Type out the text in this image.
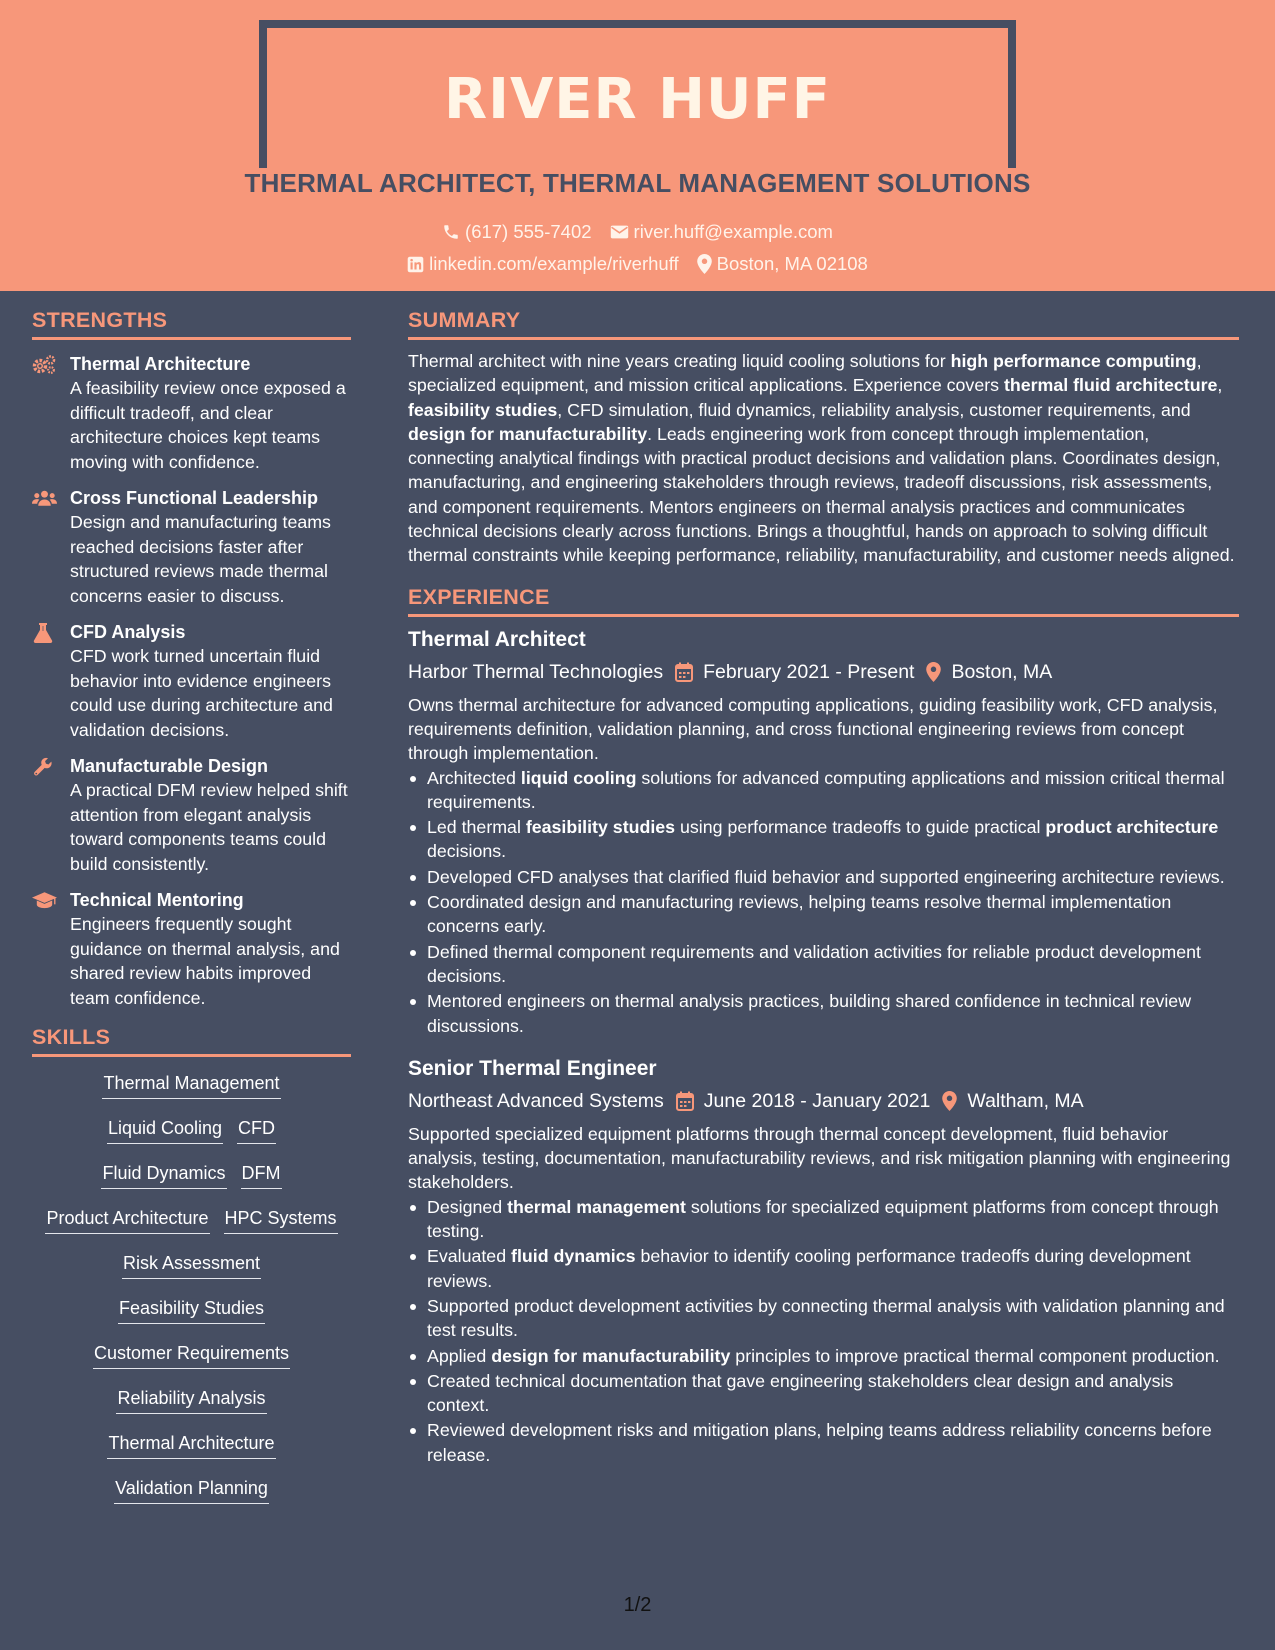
RIVER HUFF
THERMAL ARCHITECT, THERMAL MANAGEMENT SOLUTIONS
(617) 555-7402 river.huff@example.com
linkedin.com/example/riverhuff Boston, MA 02108
STRENGTHS
Thermal Architecture
A feasibility review once exposed a difficult tradeoff, and clear architecture choices kept teams moving with confidence.
Cross Functional Leadership
Design and manufacturing teams reached decisions faster after structured reviews made thermal concerns easier to discuss.
CFD Analysis
CFD work turned uncertain fluid behavior into evidence engineers could use during architecture and validation decisions.
Manufacturable Design
A practical DFM review helped shift attention from elegant analysis toward components teams could build consistently.
Technical Mentoring
Engineers frequently sought guidance on thermal analysis, and shared review habits improved team confidence.
SKILLS
Thermal Management
Liquid Cooling CFD
Fluid Dynamics DFM
Product Architecture HPC Systems
Risk Assessment
Feasibility Studies
Customer Requirements
Reliability Analysis
Thermal Architecture
Validation Planning
SUMMARY

Thermal architect with nine years creating liquid cooling solutions for high performance computing, specialized equipment, and mission critical applications. Experience covers thermal fluid architecture, feasibility studies, CFD simulation, fluid dynamics, reliability analysis, customer requirements, and design for manufacturability. Leads engineering work from concept through implementation, connecting analytical findings with practical product decisions and validation plans. Coordinates design, manufacturing, and engineering stakeholders through reviews, tradeoff discussions, risk assessments, and component requirements. Mentors engineers on thermal analysis practices and communicates technical decisions clearly across functions. Brings a thoughtful, hands on approach to solving difficult thermal constraints while keeping performance, reliability, manufacturability, and customer needs aligned.

EXPERIENCE
Thermal Architect
Harbor Thermal Technologies February 2021 - Present Boston, MA
Owns thermal architecture for advanced computing applications, guiding feasibility work, CFD analysis, requirements definition, validation planning, and cross functional engineering reviews from concept through implementation.
Architected liquid cooling solutions for advanced computing applications and mission critical thermal requirements.
Led thermal feasibility studies using performance tradeoffs to guide practical product architecture decisions.
Developed CFD analyses that clarified fluid behavior and supported engineering architecture reviews.
Coordinated design and manufacturing reviews, helping teams resolve thermal implementation concerns early.
Defined thermal component requirements and validation activities for reliable product development decisions.
Mentored engineers on thermal analysis practices, building shared confidence in technical review discussions.
Senior Thermal Engineer
Northeast Advanced Systems June 2018 - January 2021 Waltham, MA
Supported specialized equipment platforms through thermal concept development, fluid behavior analysis, testing, documentation, manufacturability reviews, and risk mitigation planning with engineering stakeholders.
Designed thermal management solutions for specialized equipment platforms from concept through testing.
Evaluated fluid dynamics behavior to identify cooling performance tradeoffs during development reviews.
Supported product development activities by connecting thermal analysis with validation planning and test results.
Applied design for manufacturability principles to improve practical thermal component production.
Created technical documentation that gave engineering stakeholders clear design and analysis context.
Reviewed development risks and mitigation plans, helping teams address reliability concerns before release.
1/2
